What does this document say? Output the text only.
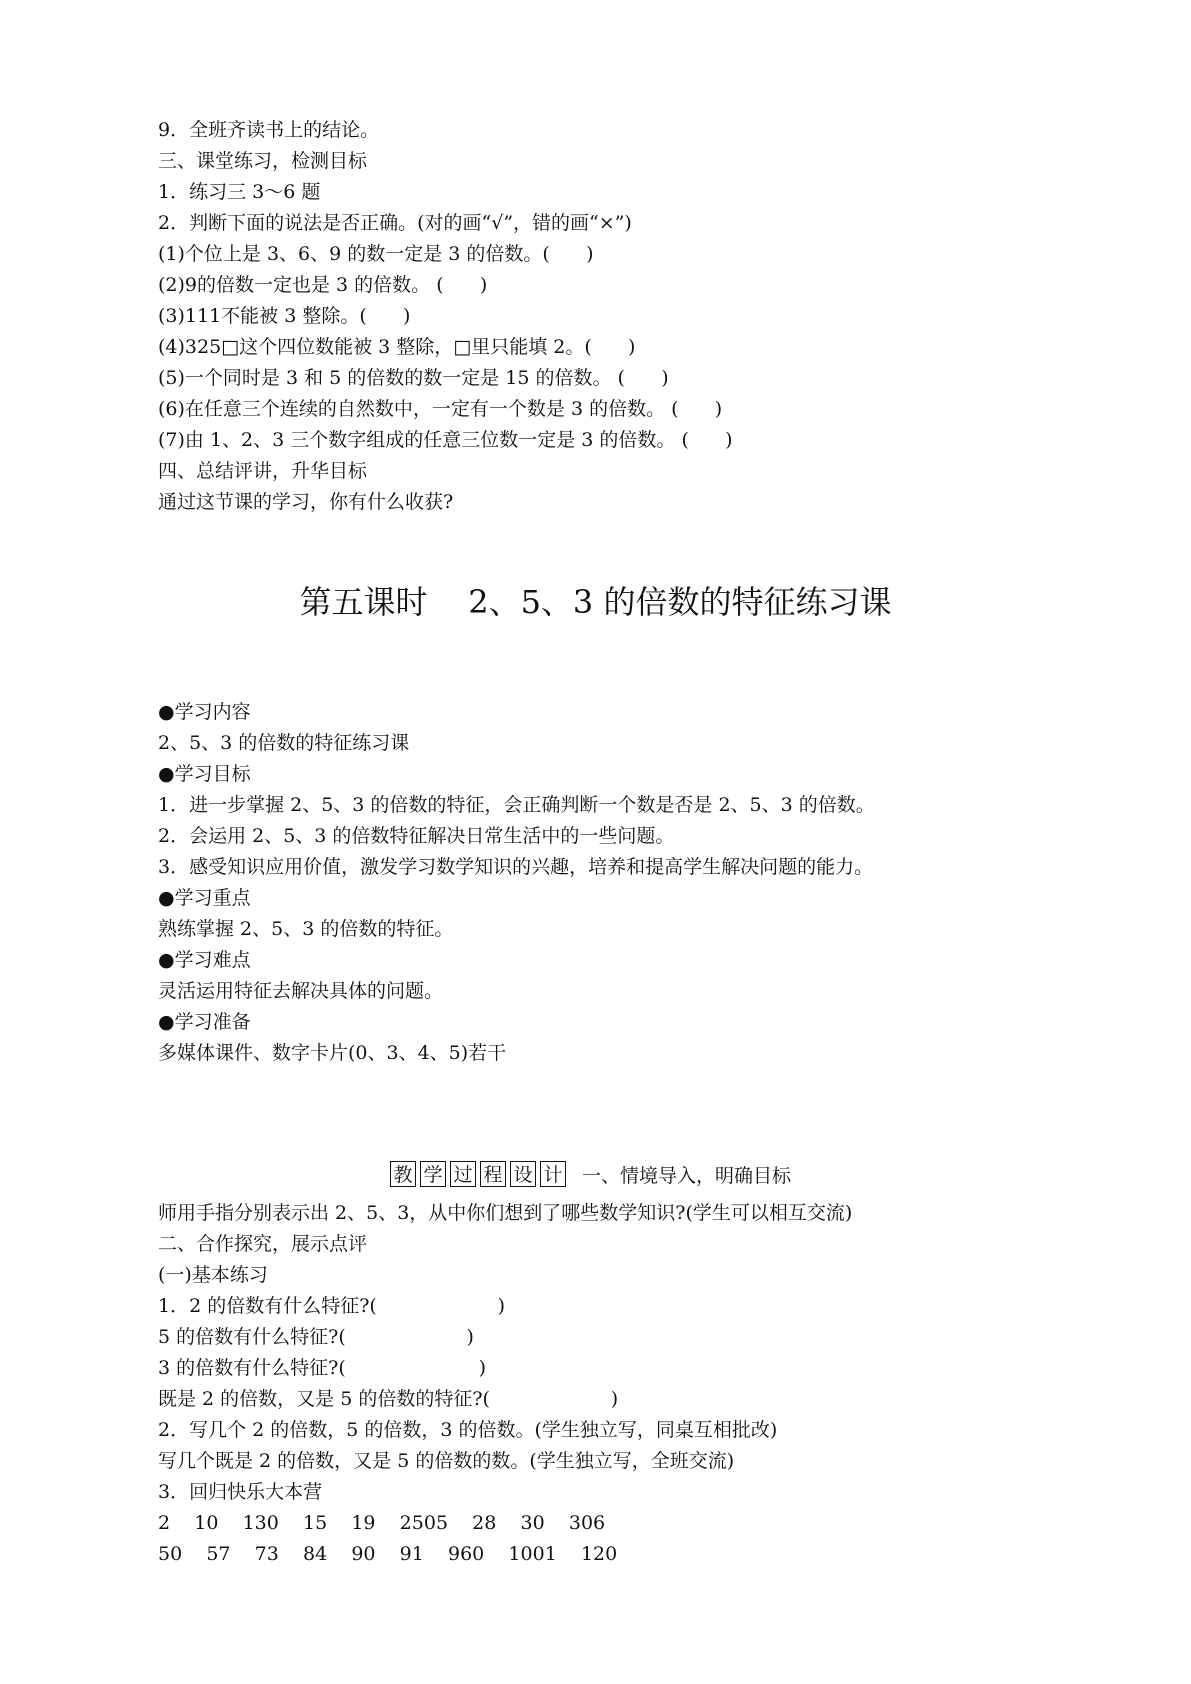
9．全班齐读书上的结论。
三、课堂练习，检测目标
1．练习三 3～6 题
2．判断下面的说法是否正确。(对的画“√”，错的画“×”)
(1)个位上是 3、6、9 的数一定是 3 的倍数。(      )
(2)9的倍数一定也是 3 的倍数。 (      )
(3)111不能被 3 整除。(      )
(4)325□这个四位数能被 3 整除，□里只能填 2。(      )
(5)一个同时是 3 和 5 的倍数的数一定是 15 的倍数。 (      )
(6)在任意三个连续的自然数中，一定有一个数是 3 的倍数。 (      )
(7)由 1、2、3 三个数字组成的任意三位数一定是 3 的倍数。 (      )
四、总结评讲，升华目标
通过这节课的学习，你有什么收获?
第五课时    2、5、3 的倍数的特征练习课
●学习内容
2、5、3 的倍数的特征练习课
●学习目标
1．进一步掌握 2、5、3 的倍数的特征，会正确判断一个数是否是 2、5、3 的倍数。
2．会运用 2、5、3 的倍数特征解决日常生活中的一些问题。
3．感受知识应用价值，激发学习数学知识的兴趣，培养和提高学生解决问题的能力。
●学习重点
熟练掌握 2、5、3 的倍数的特征。
●学习难点
灵活运用特征去解决具体的问题。
●学习准备
多媒体课件、数字卡片(0、3、4、5)若干
教 学 过 程 设 计 一、情境导入，明确目标
师用手指分别表示出 2、5、3，从中你们想到了哪些数学知识?(学生可以相互交流)
二、合作探究，展示点评
(一)基本练习
1．2 的倍数有什么特征?(                    )
5 的倍数有什么特征?(                    )
3 的倍数有什么特征?(                      )
既是 2 的倍数，又是 5 的倍数的特征?(                    )
2．写几个 2 的倍数，5 的倍数，3 的倍数。(学生独立写，同桌互相批改)
写几个既是 2 的倍数，又是 5 的倍数的数。(学生独立写，全班交流)
3．回归快乐大本营
2    10    130    15    19    2505    28    30    306
50    57    73    84    90    91    960    1001    120
